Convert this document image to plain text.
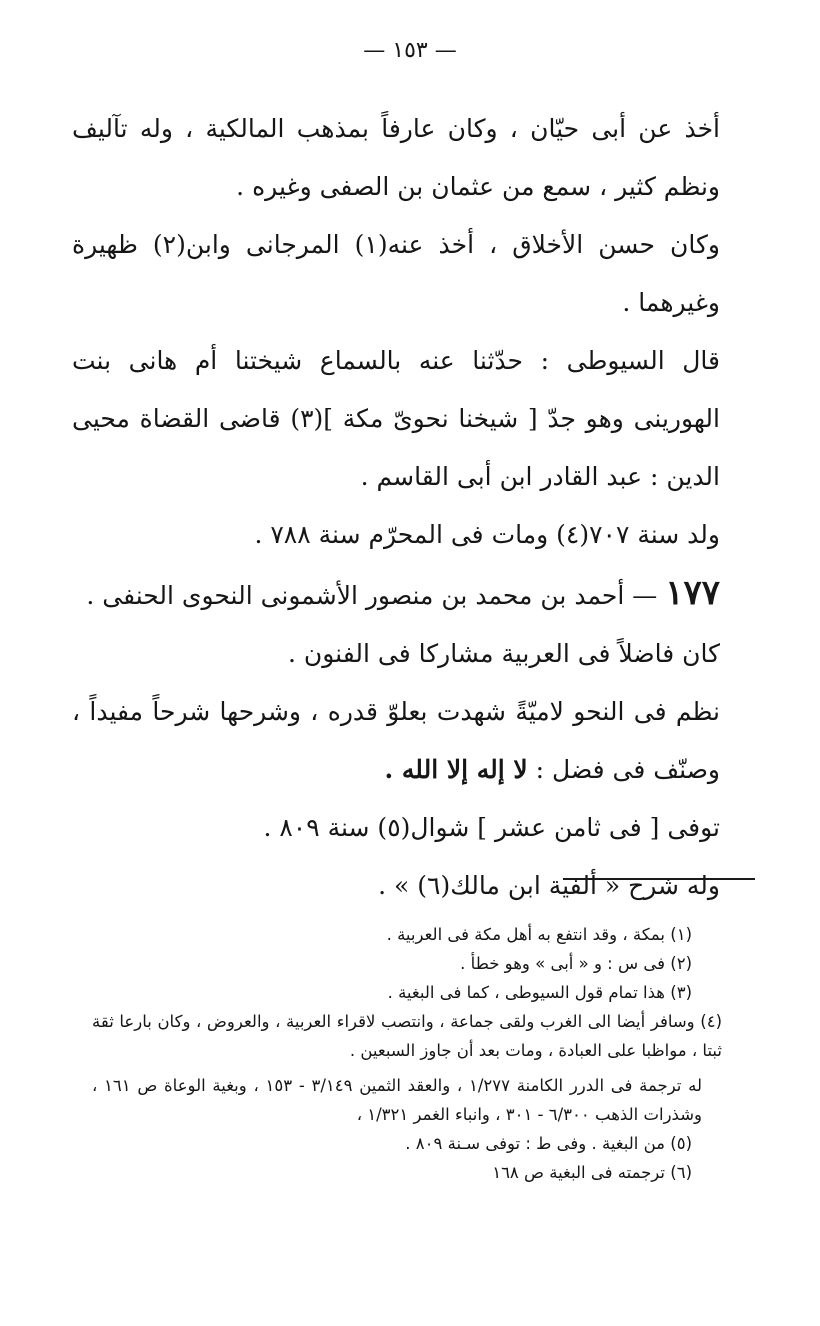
— ١٥٣ —

أخذ عن أبى حيّان ، وكان عارفاً بمذهب المالكية ، وله تآليف ونظم كثير ، سمع من عثمان بن الصفى وغيره .

وكان حسن الأخلاق ، أخذ عنه(١) المرجانى وابن(٢) ظهيرة وغيرهما .

قال السيوطى : حدّثنا عنه بالسماع شيختنا أم هانى بنت الهورينى وهو جدّ [ شيخنا نحوىّ مكة ](٣) قاضى القضاة محيى الدين : عبد القادر ابن أبى القاسم .

ولد سنة ٧٠٧(٤) ومات فى المحرّم سنة ٧٨٨ .

١٧٧ — أحمد بن محمد بن منصور الأشمونى النحوى الحنفى .

كان فاضلاً فى العربية مشاركا فى الفنون .

نظم فى النحو لاميّةً شهدت بعلوّ قدره ، وشرحها شرحاً مفيداً ، وصنّف فى فضل : لا إله إلا الله .

توفى [ فى ثامن عشر ] شوال(٥) سنة ٨٠٩ .

وله شرح « ألفية ابن مالك(٦) » .

(١) بمكة ، وقد انتفع به أهل مكة فى العربية .

(٢) فى س : و « أبى » وهو خطأ .

(٣) هذا تمام قول السيوطى ، كما فى البغية .

(٤) وسافر أيضا الى الغرب ولقى جماعة ، وانتصب لاقراء العربية ، والعروض ، وكان بارعا ثقة ثبتا ، مواظبا على العبادة ، ومات بعد أن جاوز السبعين .

له ترجمة فى الدرر الكامنة ١/٢٧٧ ، والعقد الثمين ٣/١٤٩ - ١٥٣ ، وبغية الوعاة ص ١٦١ ، وشذرات الذهب ٦/٣٠٠ - ٣٠١ ، وانباء الغمر ١/٣٢١ ،

(٥) من البغية . وفى ط : توفى سـنة ٨٠٩ .

(٦) ترجمته فى البغية ص ١٦٨
